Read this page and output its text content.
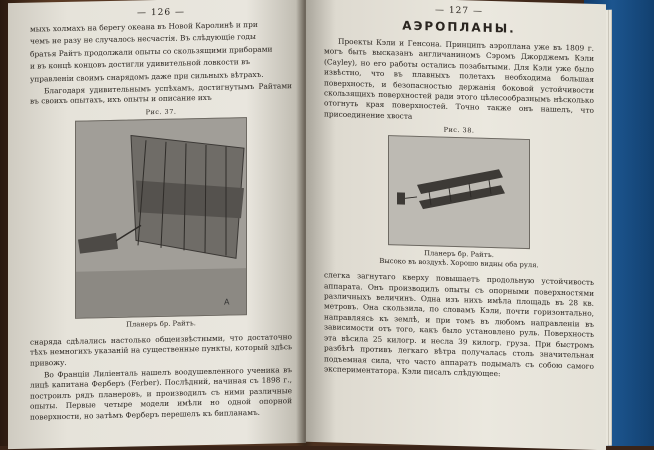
— 126 —

мыхъ холмахъ на берегу океана въ Новой Каролинѣ и при

чемъ не разу не случалось несчастiя. Въ слѣдующiе годы

братья Райтъ продолжали опыты со скользящими приборами

и въ концѣ концовъ достигли удивительной ловкости въ

управленiи своимъ снарядомъ даже при сильныхъ вѣтрахъ.

Благодаря удивительнымъ успѣхамъ, достигнутымъ Райтами въ своихъ опытахъ, ихъ опыты и описание ихъ

Рис. 37.
A
Планеръ бр. Райтъ.

снаряда сдѣлались настолько общеизвѣстными, что достаточно тѣхъ немногихъ указанiй на существенные пункты, который здѣсь привожу.

Во Францiи Лилiенталь нашелъ воодушевленного ученика въ лицѣ капитана Ферберъ (Ferber). Послѣдний, начиная съ 1898 г., построилъ рядъ планеровъ, и производилъ съ ними различные опыты. Первые четыре модели имѣли но одной опорной поверхности, но затѣмъ Ферберъ перешелъ къ бипланамъ.

— 127 —
АЭРОПЛАНЫ.

Проекты Кэли и Генсона. Принципъ аэроплана уже въ 1809 г. могъ быть высказанъ англичаниномъ Сэромъ Джорджемъ Кэли (Cayley), но его работы остались позабытыми. Для Кэли уже было извѣстно, что въ плавныхъ полетахъ необходима большая поверхность, и безопасностью держанiя боковой устойчивости скользящихъ поверхностей ради этого цѣлесообразнымъ нѣсколько отогнуть края поверхностей. Точно также онъ нашелъ, что присоединение хвоста

Рис. 38.
Планеръ бр. Райтъ.
Высоко въ воздухѣ. Хорошо видны оба руля.

слегка загнутаго кверху повышаетъ продольную устойчивость аппарата. Онъ производилъ опыты съ опорными поверхностями различныхъ величинъ. Одна изъ нихъ имѣла площадь въ 28 кв. метровъ. Она скользила, по словамъ Кэли, почти горизонтально, направляясь къ землѣ, и при томъ въ любомъ направленiи въ зависимости отъ того, какъ было установлено руль. Поверхность эта вѣсила 25 килогр. и несла 39 килогр. груза. При быстромъ разбѣгѣ противъ легкаго вѣтра получалась столь значительная подъемная сила, что часто аппаратъ подымалъ съ собою самого экспериментатора. Кэли писалъ слѣдующее:
